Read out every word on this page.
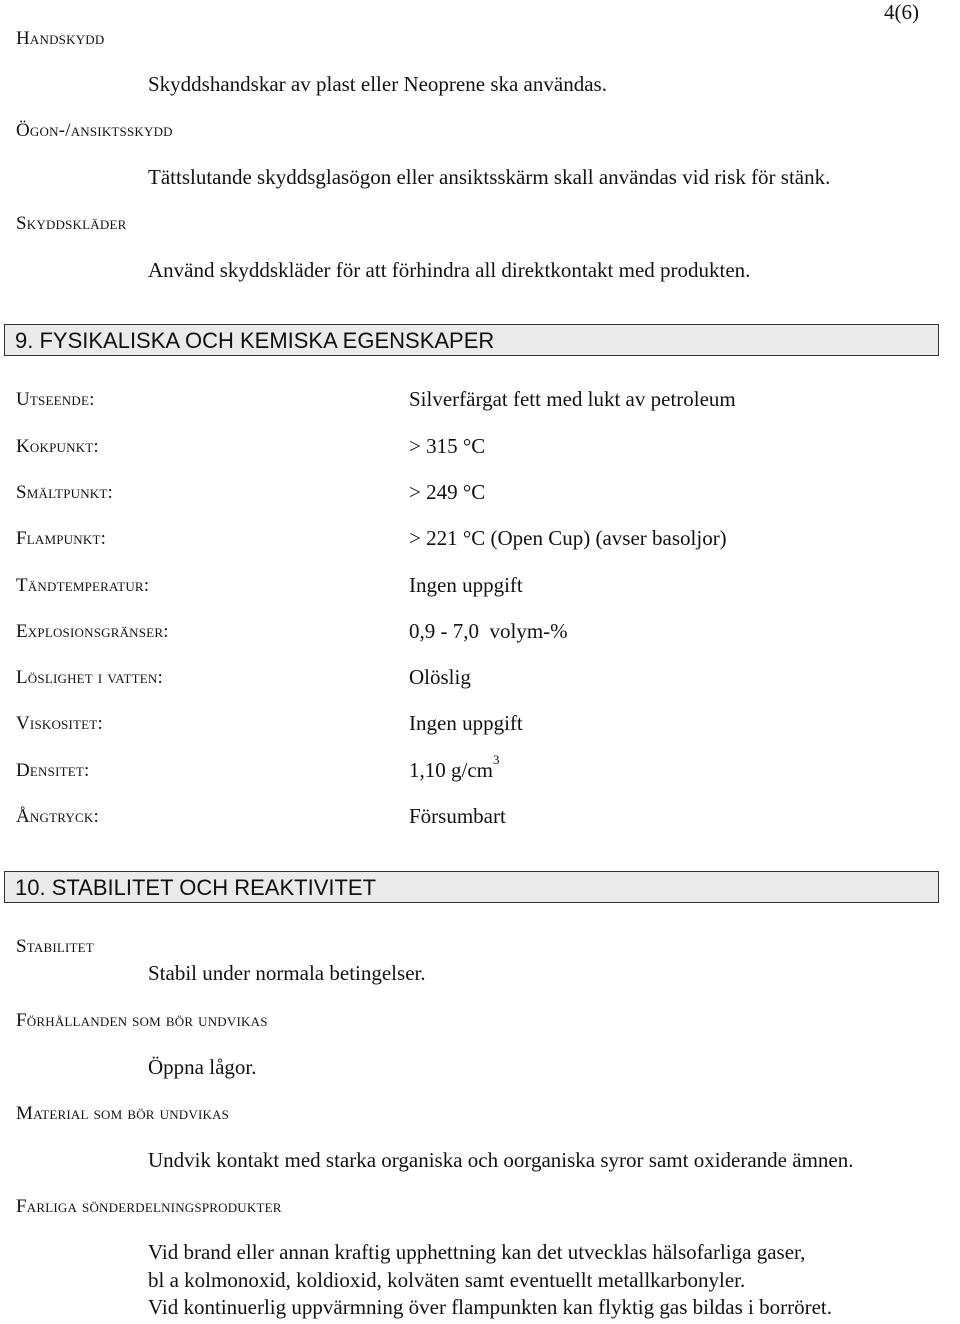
4(6)
Handskydd
Skyddshandskar av plast eller Neoprene ska användas.
Ögon-/ansiktsskydd
Tättslutande skyddsglasögon eller ansiktsskärm skall användas vid risk för stänk.
Skyddskläder
Använd skyddskläder för att förhindra all direktkontakt med produkten.
9. FYSIKALISKA OCH KEMISKA EGENSKAPER
Utseende:	Silverfärgat fett med lukt av petroleum
Kokpunkt:	> 315 °C
Smältpunkt:	> 249 °C
Flampunkt:	> 221 °C (Open Cup) (avser basoljor)
Tändtemperatur:	Ingen uppgift
Explosionsgränser:	0,9 - 7,0  volym-%
Löslighet i vatten:	Olöslig
Viskositet:	Ingen uppgift
Densitet:	1,10 $g/cm^3$
Ångtryck:	Försumbart
10. STABILITET OCH REAKTIVITET
Stabilitet
Stabil under normala betingelser.
Förhållanden som bör undvikas
Öppna lågor.
Material som bör undvikas
Undvik kontakt med starka organiska och oorganiska syror samt oxiderande ämnen.
Farliga sönderdelningsprodukter
Vid brand eller annan kraftig upphettning kan det utvecklas hälsofarliga gaser,
bl a kolmonoxid, koldioxid, kolväten samt eventuellt metallkarbonyler.
Vid kontinuerlig uppvärmning över flampunkten kan flyktig gas bildas i borröret.
